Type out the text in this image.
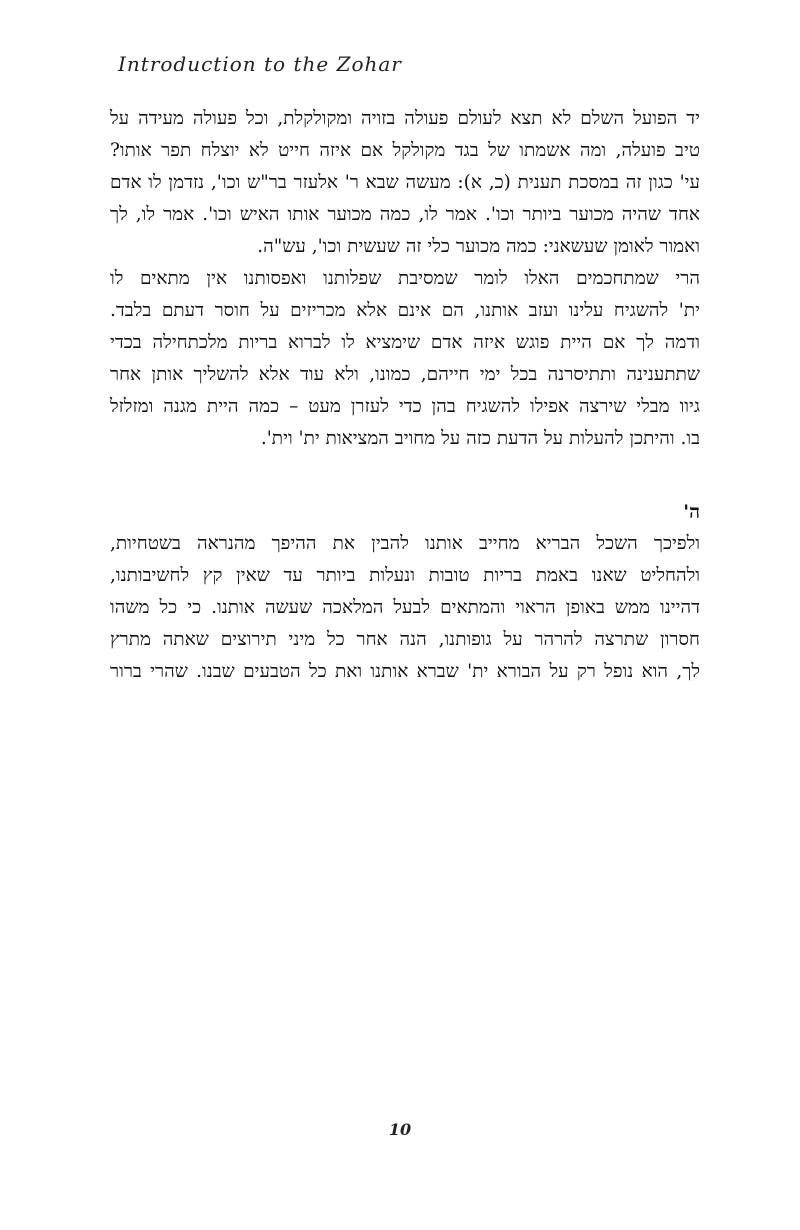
Introduction to the Zohar
יד הפועל השלם לא תצא לעולם פעולה בזויה ומקולקלת, וכל פעולה מעידה על
טיב פועלה, ומה אשמתו של בגד מקולקל אם איזה חייט לא יוצלח תפר אותו?
עי' כגון זה במסכת תענית (כ, א): מעשה שבא ר' אלעזר בר"ש וכו', נזדמן לו אדם
אחד שהיה מכוער ביותר וכו'. אמר לו, כמה מכוער אותו האיש וכו'. אמר לו, לך
ואמור לאומן שעשאני: כמה מכוער כלי זה שעשית וכו', עש"ה.
הרי שמתחכמים האלו לומר שמסיבת שפלותנו ואפסותנו אין מתאים לו
ית' להשגיח עלינו ועזב אותנו, הם אינם אלא מכריזים על חוסר דעתם בלבד.
ודמה לך אם היית פוגש איזה אדם שימציא לו לברוא בריות מלכתחילה בכדי
שתתענינה ותתיסרנה בכל ימי חייהם, כמונו, ולא עוד אלא להשליך אותן אחר
גיוו מבלי שירצה אפילו להשגיח בהן כדי לעזרן מעט – כמה היית מגנה ומזלזל
בו. והיתכן להעלות על הדעת כזה על מחויב המציאות ית' וית'.
ה'
ולפיכך השכל הבריא מחייב אותנו להבין את ההיפך מהנראה בשטחיות,
ולהחליט שאנו באמת בריות טובות ונעלות ביותר עד שאין קץ לחשיבותנו,
דהיינו ממש באופן הראוי והמתאים לבעל המלאכה שעשה אותנו. כי כל משהו
חסרון שתרצה להרהר על גופותנו, הנה אחר כל מיני תירוצים שאתה מתרץ
לך, הוא נופל רק על הבורא ית' שברא אותנו ואת כל הטבעים שבנו. שהרי ברור
10
